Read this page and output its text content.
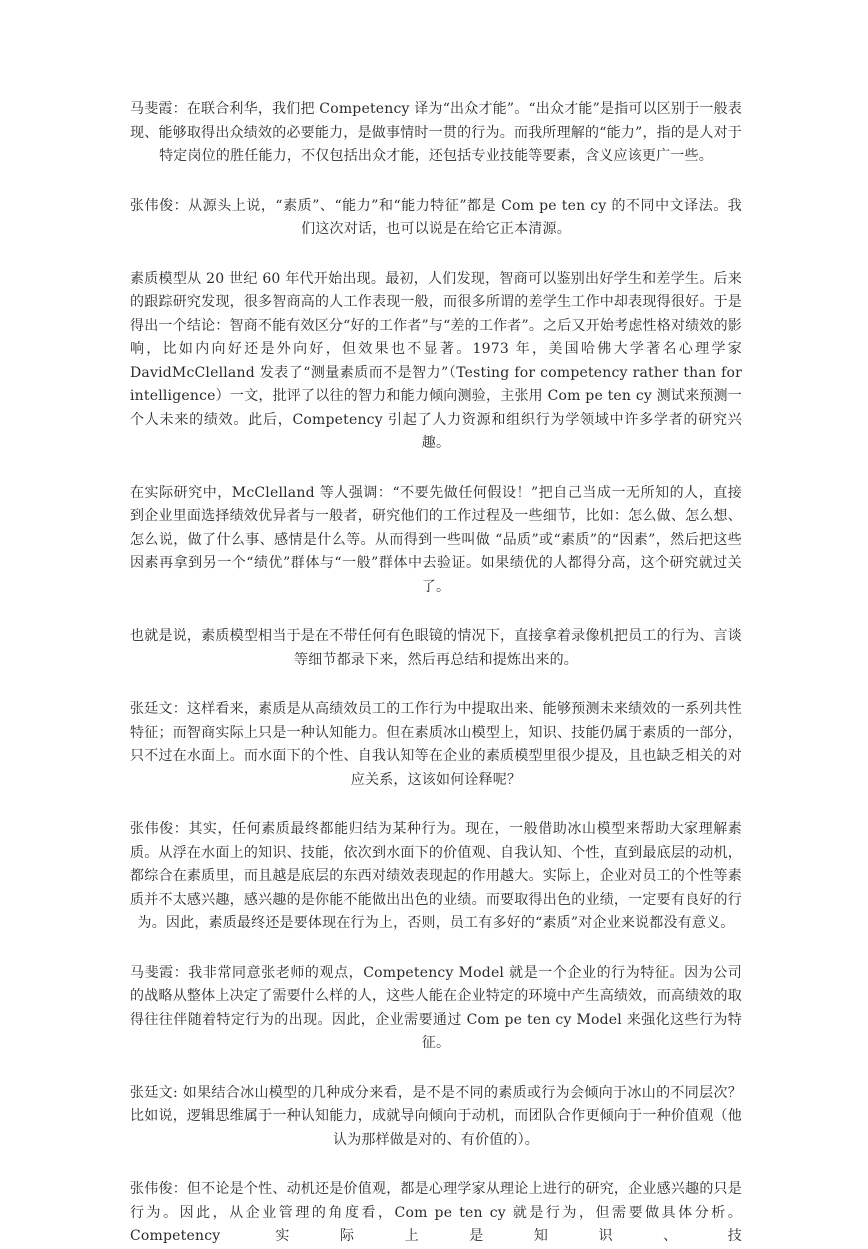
马斐霞：在联合利华，我们把 Competency 译为“出众才能”。“出众才能”是指可以区别于一般表现、能够取得出众绩效的必要能力，是做事情时一贯的行为。而我所理解的“能力”，指的是人对于特定岗位的胜任能力，不仅包括出众才能，还包括专业技能等要素，含义应该更广一些。

张伟俊：从源头上说，“素质”、“能力”和“能力特征”都是 Com pe ten cy 的不同中文译法。我们这次对话，也可以说是在给它正本清源。

素质模型从 20 世纪 60 年代开始出现。最初，人们发现，智商可以鉴别出好学生和差学生。后来的跟踪研究发现，很多智商高的人工作表现一般，而很多所谓的差学生工作中却表现得很好。于是得出一个结论：智商不能有效区分“好的工作者”与“差的工作者”。之后又开始考虑性格对绩效的影响，比如内向好还是外向好，但效果也不显著。1973 年，美国哈佛大学著名心理学家 DavidMcClelland 发表了“测量素质而不是智力”（Testing for competency rather than for intelligence）一文，批评了以往的智力和能力倾向测验，主张用 Com pe ten cy 测试来预测一个人未来的绩效。此后，Competency 引起了人力资源和组织行为学领域中许多学者的研究兴趣。

在实际研究中，McClelland 等人强调：“不要先做任何假设！”把自己当成一无所知的人，直接到企业里面选择绩效优异者与一般者，研究他们的工作过程及一些细节，比如：怎么做、怎么想、怎么说，做了什么事、感情是什么等。从而得到一些叫做 “品质”或“素质”的“因素”，然后把这些因素再拿到另一个“绩优”群体与“一般”群体中去验证。如果绩优的人都得分高，这个研究就过关了。

也就是说，素质模型相当于是在不带任何有色眼镜的情况下，直接拿着录像机把员工的行为、言谈等细节都录下来，然后再总结和提炼出来的。

张廷文：这样看来，素质是从高绩效员工的工作行为中提取出来、能够预测未来绩效的一系列共性特征；而智商实际上只是一种认知能力。但在素质冰山模型上，知识、技能仍属于素质的一部分，只不过在水面上。而水面下的个性、自我认知等在企业的素质模型里很少提及，且也缺乏相关的对应关系，这该如何诠释呢？

张伟俊：其实，任何素质最终都能归结为某种行为。现在，一般借助冰山模型来帮助大家理解素质。从浮在水面上的知识、技能，依次到水面下的价值观、自我认知、个性，直到最底层的动机，都综合在素质里，而且越是底层的东西对绩效表现起的作用越大。实际上，企业对员工的个性等素质并不太感兴趣，感兴趣的是你能不能做出出色的业绩。而要取得出色的业绩，一定要有良好的行为。因此，素质最终还是要体现在行为上，否则，员工有多好的“素质”对企业来说都没有意义。

马斐霞：我非常同意张老师的观点，Competency Model 就是一个企业的行为特征。因为公司的战略从整体上决定了需要什么样的人，这些人能在企业特定的环境中产生高绩效，而高绩效的取得往往伴随着特定行为的出现。因此，企业需要通过 Com pe ten cy Model 来强化这些行为特征。

张廷文: 如果结合冰山模型的几种成分来看，是不是不同的素质或行为会倾向于冰山的不同层次？比如说，逻辑思维属于一种认知能力，成就导向倾向于动机，而团队合作更倾向于一种价值观（他认为那样做是对的、有价值的）。

张伟俊：但不论是个性、动机还是价值观，都是心理学家从理论上进行的研究，企业感兴趣的只是行为。因此，从企业管理的角度看，Com pe ten cy 就是行为，但需要做具体分析。Competency 实际上是知识、技
